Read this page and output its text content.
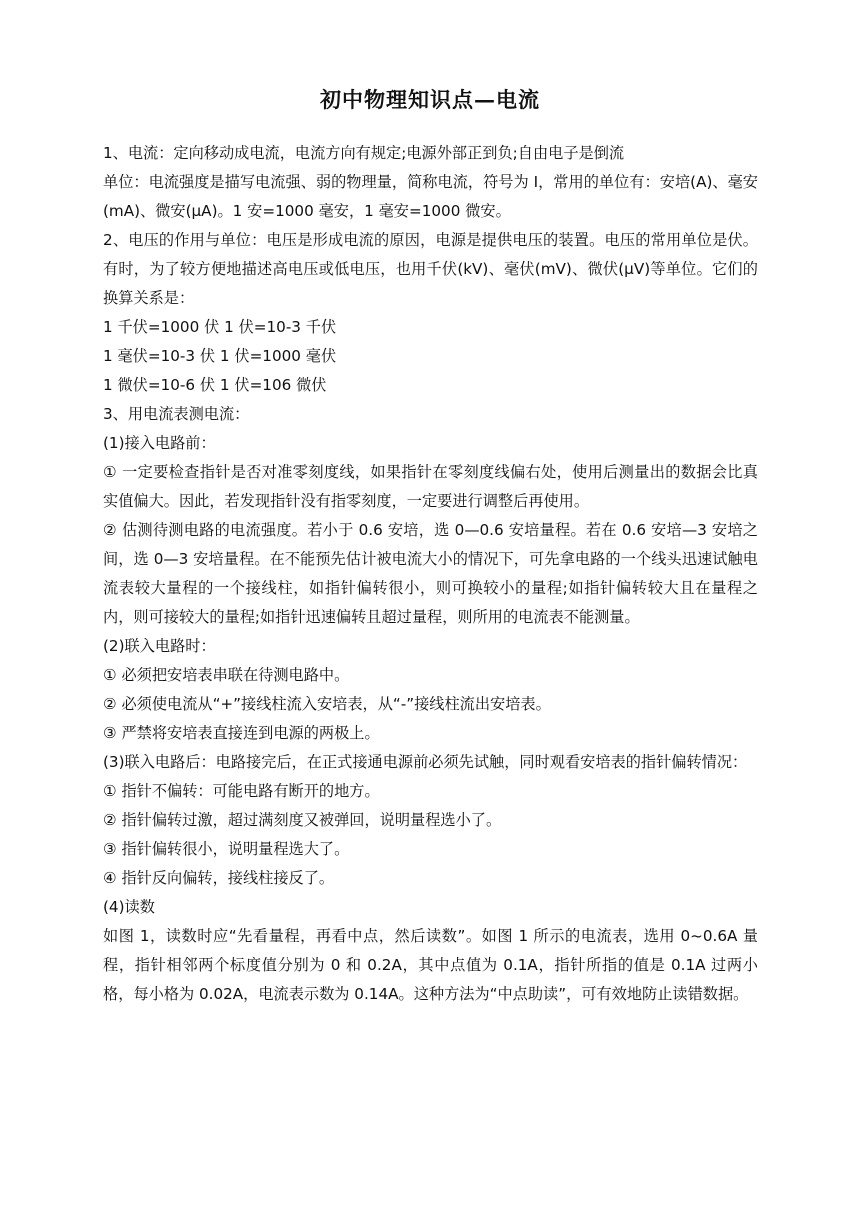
初中物理知识点—电流

1、电流：定向移动成电流，电流方向有规定;电源外部正到负;自由电子是倒流

单位：电流强度是描写电流强、弱的物理量，简称电流，符号为 I，常用的单位有：安培(A)、毫安(mA)、微安(μA)。1 安=1000 毫安，1 毫安=1000 微安。

2、电压的作用与单位：电压是形成电流的原因，电源是提供电压的装置。电压的常用单位是伏。有时，为了较方便地描述高电压或低电压，也用千伏(kV)、毫伏(mV)、微伏(μV)等单位。它们的换算关系是：

1 千伏=1000 伏 1 伏=10-3 千伏

1 毫伏=10-3 伏 1 伏=1000 毫伏

1 微伏=10-6 伏 1 伏=106 微伏

3、用电流表测电流：

(1)接入电路前：

① 一定要检查指针是否对准零刻度线，如果指针在零刻度线偏右处，使用后测量出的数据会比真实值偏大。因此，若发现指针没有指零刻度，一定要进行调整后再使用。

② 估测待测电路的电流强度。若小于 0.6 安培，选 0—0.6 安培量程。若在 0.6 安培—3 安培之间，选 0—3 安培量程。在不能预先估计被电流大小的情况下，可先拿电路的一个线头迅速试触电流表较大量程的一个接线柱，如指针偏转很小，则可换较小的量程;如指针偏转较大且在量程之内，则可接较大的量程;如指针迅速偏转且超过量程，则所用的电流表不能测量。

(2)联入电路时：

① 必须把安培表串联在待测电路中。

② 必须使电流从“+”接线柱流入安培表，从“-”接线柱流出安培表。

③ 严禁将安培表直接连到电源的两极上。

(3)联入电路后：电路接完后，在正式接通电源前必须先试触，同时观看安培表的指针偏转情况：

① 指针不偏转：可能电路有断开的地方。

② 指针偏转过激，超过满刻度又被弹回，说明量程选小了。

③ 指针偏转很小，说明量程选大了。

④ 指针反向偏转，接线柱接反了。

(4)读数

如图 1，读数时应“先看量程，再看中点，然后读数”。如图 1 所示的电流表，选用 0~0.6A 量程，指针相邻两个标度值分别为 0 和 0.2A，其中点值为 0.1A，指针所指的值是 0.1A 过两小格，每小格为 0.02A，电流表示数为 0.14A。这种方法为“中点助读”，可有效地防止读错数据。
